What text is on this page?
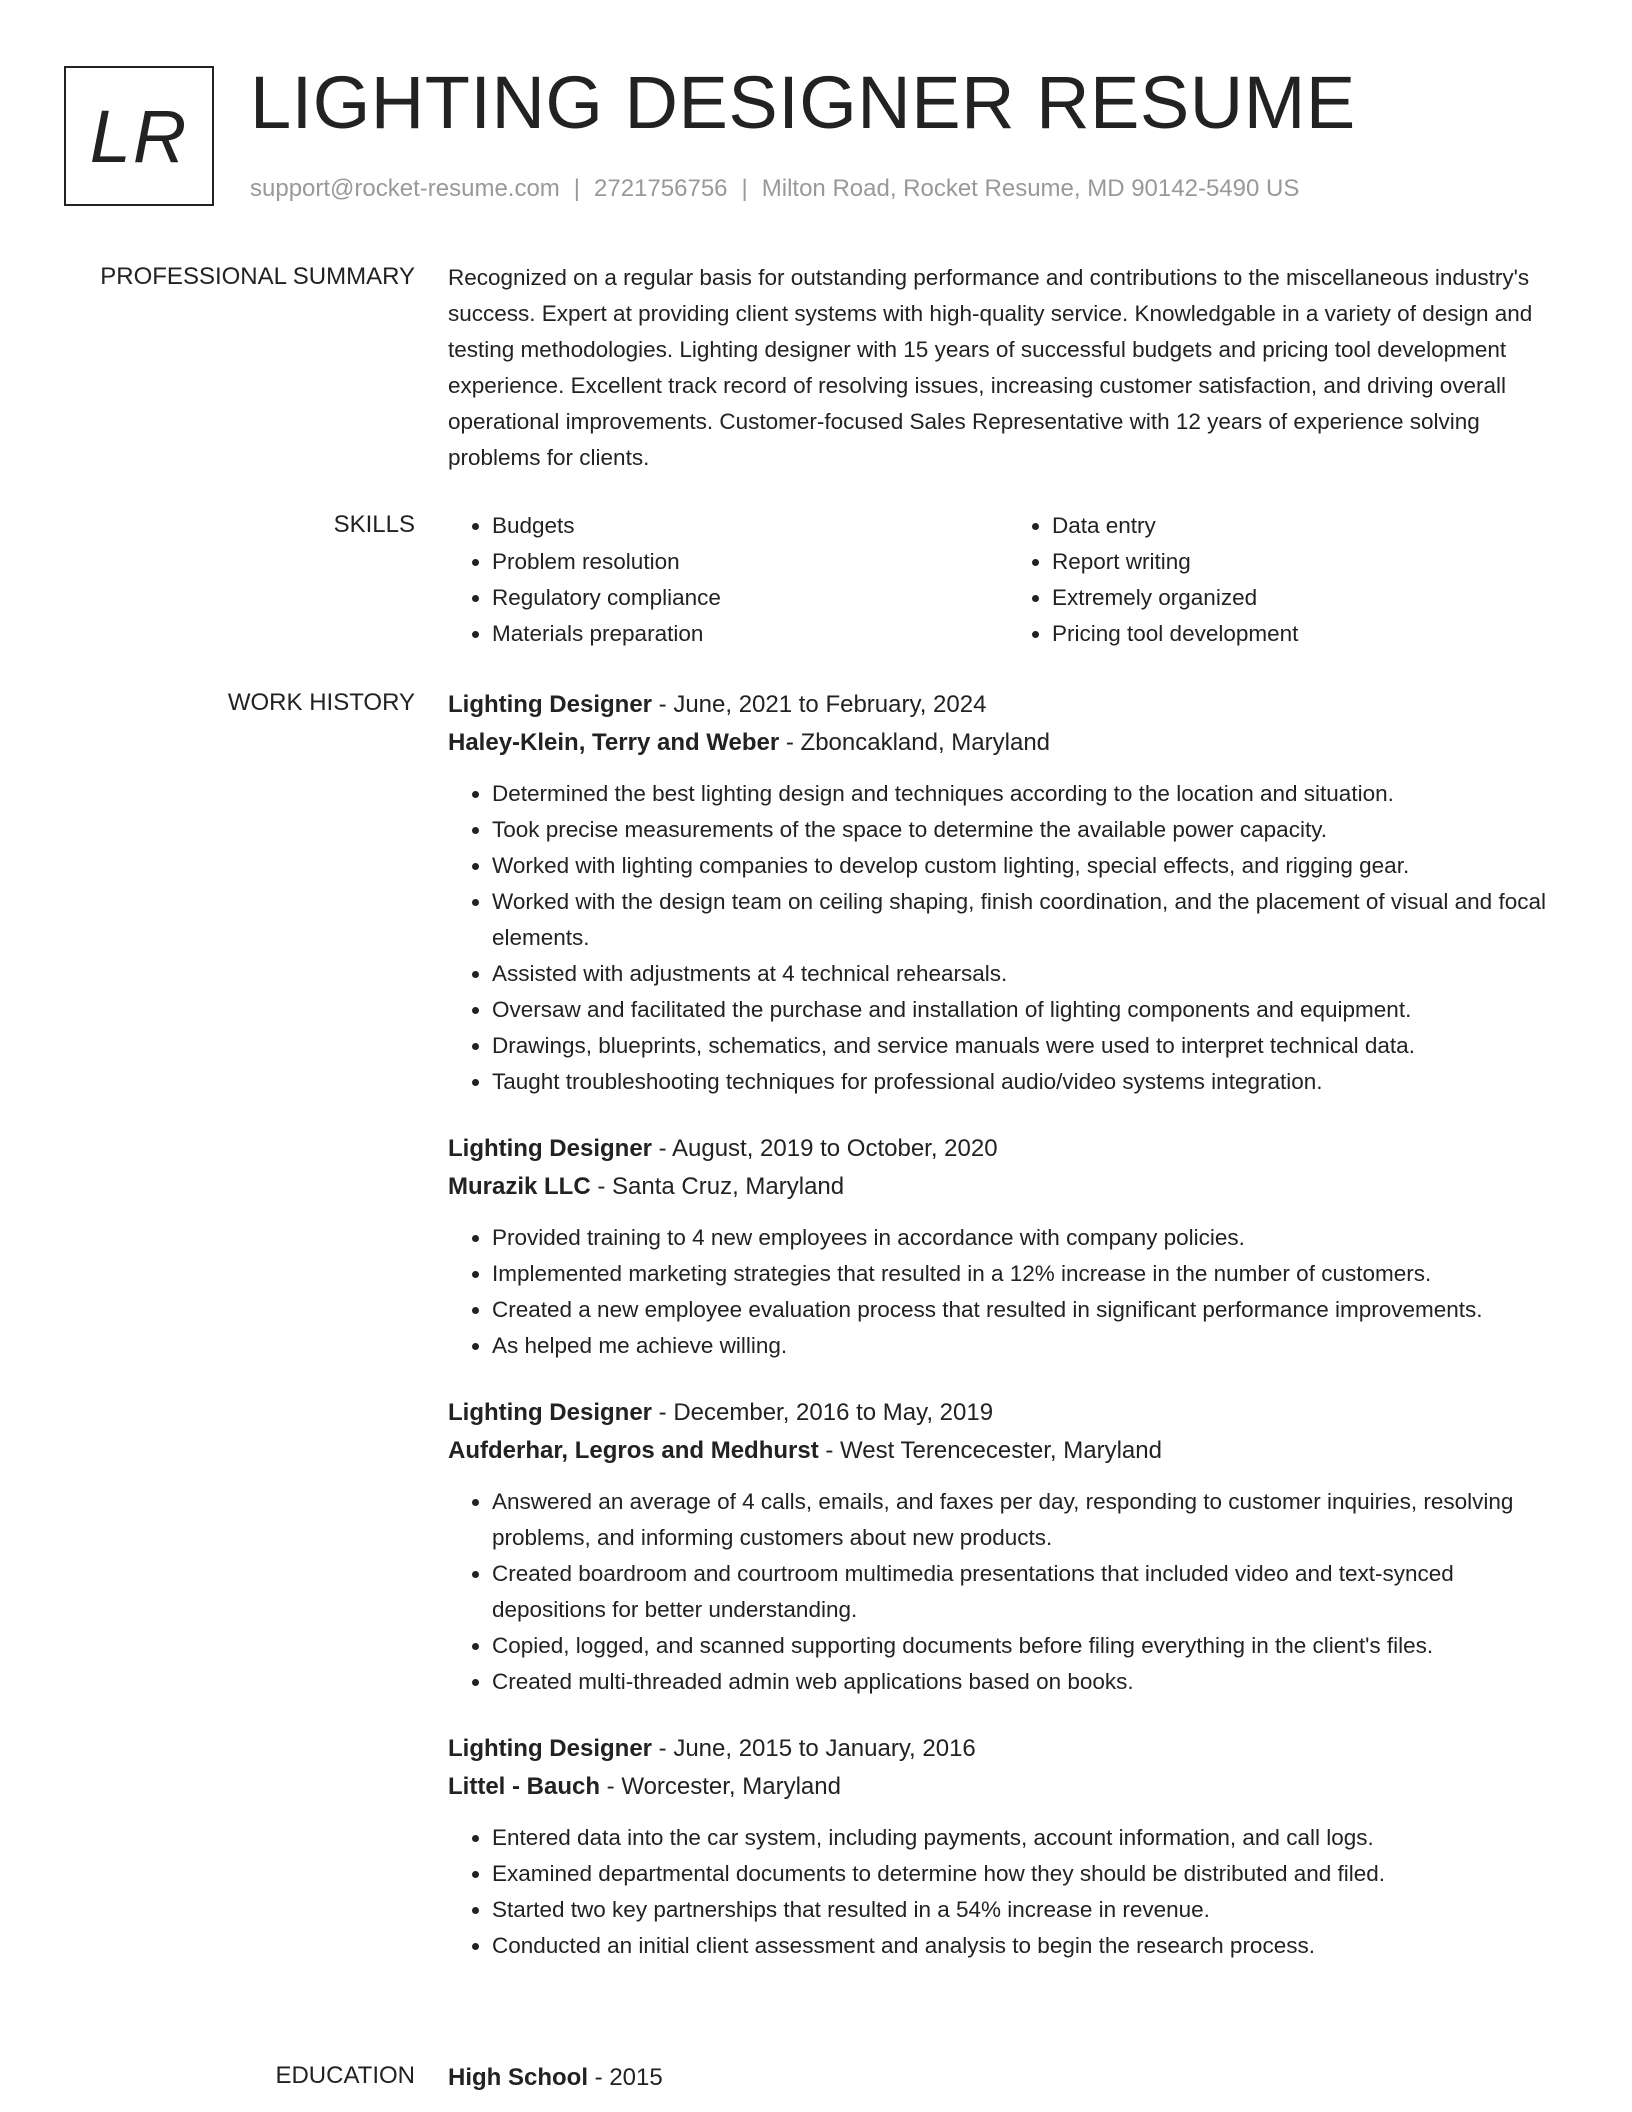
LR LIGHTING DESIGNER RESUME
support@rocket-resume.com | 2721756756 | Milton Road, Rocket Resume, MD 90142-5490 US
PROFESSIONAL SUMMARY Recognized on a regular basis for outstanding performance and contributions to the miscellaneous industry's success. Expert at providing client systems with high-quality service. Knowledgable in a variety of design and testing methodologies. Lighting designer with 15 years of successful budgets and pricing tool development experience. Excellent track record of resolving issues, increasing customer satisfaction, and driving overall operational improvements. Customer-focused Sales Representative with 12 years of experience solving problems for clients.

SKILLS
•	Budgets
• Problem resolution
• Regulatory compliance
• Materials preparation
• Data entry
• Report writing
• Extremely organized
• Pricing tool development
WORK HISTORY Lighting Designer - June, 2021 to February, 2024
Haley-Klein, Terry and Weber - Zboncakland, Maryland
• Determined the best lighting design and techniques according to the location and situation.
• Took precise measurements of the space to determine the available power capacity.
• Worked with lighting companies to develop custom lighting, special effects, and rigging gear.
• Worked with the design team on ceiling shaping, finish coordination, and the placement of visual and focal elements.
• Assisted with adjustments at 4 technical rehearsals.
• Oversaw and facilitated the purchase and installation of lighting components and equipment.
• Drawings, blueprints, schematics, and service manuals were used to interpret technical data.
• Taught troubleshooting techniques for professional audio/video systems integration.
Lighting Designer - August, 2019 to October, 2020
Murazik LLC - Santa Cruz, Maryland
• Provided training to 4 new employees in accordance with company policies.
• Implemented marketing strategies that resulted in a 12% increase in the number of customers.
• Created a new employee evaluation process that resulted in significant performance improvements.
• As helped me achieve willing.
Lighting Designer - December, 2016 to May, 2019
Aufderhar, Legros and Medhurst - West Terencecester, Maryland
• Answered an average of 4 calls, emails, and faxes per day, responding to customer inquiries, resolving problems, and informing customers about new products.
• Created boardroom and courtroom multimedia presentations that included video and text-synced depositions for better understanding.
• Copied, logged, and scanned supporting documents before filing everything in the client's files.
• Created multi-threaded admin web applications based on books.
Lighting Designer - June, 2015 to January, 2016
Littel - Bauch - Worcester, Maryland
• Entered data into the car system, including payments, account information, and call logs.
• Examined departmental documents to determine how they should be distributed and filed.
• Started two key partnerships that resulted in a 54% increase in revenue.
• Conducted an initial client assessment and analysis to begin the research process.
EDUCATION High School - 2015
